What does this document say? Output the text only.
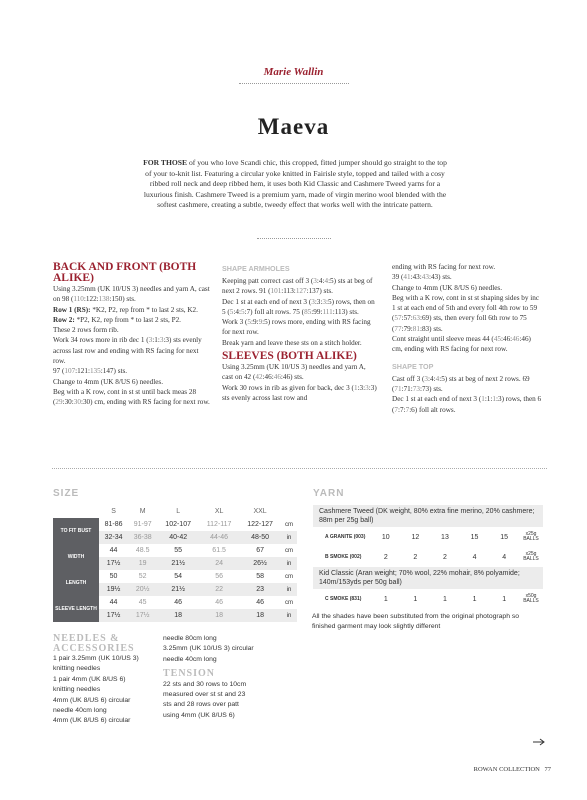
Marie Wallin
Maeva
FOR THOSE of you who love Scandi chic, this cropped, fitted jumper should go straight to the top of your to-knit list. Featuring a circular yoke knitted in Fairisle style, topped and tailed with a cosy ribbed roll neck and deep ribbed hem, it uses both Kid Classic and Cashmere Tweed yarns for a luxurious finish. Cashmere Tweed is a premium yarn, made of virgin merino wool blended with the softest cashmere, creating a subtle, tweedy effect that works well with the intricate pattern.
BACK AND FRONT (BOTH ALIKE)

Using 3.25mm (UK 10/US 3) needles and yarn A, cast on 98 (110:122:138:150) sts.

Row 1 (RS): *K2, P2, rep from * to last 2 sts, K2.

Row 2: *P2, K2, rep from * to last 2 sts, P2.

These 2 rows form rib.

Work 34 rows more in rib dec 1 (3:1:3:3) sts evenly across last row and ending with RS facing for next row.

97 (107:121:135:147) sts.

Change to 4mm (UK 8/US 6) needles.

Beg with a K row, cont in st st until back meas 28 (29:30:30:30) cm, ending with RS facing for next row.

SHAPE ARMHOLES

Keeping patt correct cast off 3 (3:4:4:5) sts at beg of next 2 rows. 91 (101:113:127:137) sts.

Dec 1 st at each end of next 3 (3:3:3:5) rows, then on 5 (5:4:5:7) foll alt rows. 75 (85:99:111:113) sts.

Work 3 (5:9:9:5) rows more, ending with RS facing for next row.

Break yarn and leave these sts on a stitch holder.

SLEEVES (BOTH ALIKE)

Using 3.25mm (UK 10/US 3) needles and yarn A, cast on 42 (42:46:46:46) sts.

Work 30 rows in rib as given for back, dec 3 (1:3:3:3) sts evenly across last row and

ending with RS facing for next row.

39 (41:43:43:43) sts.

Change to 4mm (UK 8/US 6) needles.

Beg with a K row, cont in st st shaping sides by inc 1 st at each end of 5th and every foll 4th row to 59 (57:57:63:69) sts, then every foll 6th row to 75 (77:79:81:83) sts.

Cont straight until sleeve meas 44 (45:46:46:46) cm, ending with RS facing for next row.

SHAPE TOP

Cast off 3 (3:4:4:5) sts at beg of next 2 rows. 69 (71:71:73:73) sts.

Dec 1 st at each end of next 3 (1:1:1:3) rows, then 6 (7:7:7:6) foll alt rows.

SIZE
	S	M	L	XL	XXL	
TO FIT BUST	81-86	91-97	102-107	112-117	122-127	cm
	32-34	36-38	40-42	44-46	48-50	in
WIDTH	44	48.5	55	61.5	67	cm
	17½	19	21½	24	26½	in
LENGTH	50	52	54	56	58	cm
	19½	20½	21½	22	23	in
SLEEVE LENGTH	44	45	46	46	46	cm
	17½	17½	18	18	18	in
YARN
Cashmere Tweed (DK weight, 80% extra fine merino, 20% cashmere; 88m per 25g ball)						
A GRANITE (003)	10	12	13	15	15	x25g BALLS
B SMOKE (002)	2	2	2	4	4	x25g BALLS
Kid Classic (Aran weight; 70% wool, 22% mohair, 8% polyamide; 140m/153yds per 50g ball)						
C SMOKE (831)	1	1	1	1	1	x50g BALLS
All the shades have been substituted from the original photograph so finished garment may look slightly different
NEEDLES & ACCESSORIES
1 pair 3.25mm (UK 10/US 3)
knitting needles
1 pair 4mm (UK 8/US 6)
knitting needles
4mm (UK 8/US 6) circular
needle 40cm long
4mm (UK 8/US 6) circular
needle 80cm long
3.25mm (UK 10/US 3) circular
needle 40cm long
TENSION
22 sts and 30 rows to 10cm
measured over st st and 23
sts and 28 rows over patt
using 4mm (UK 8/US 6)
ROWAN COLLECTION 77
